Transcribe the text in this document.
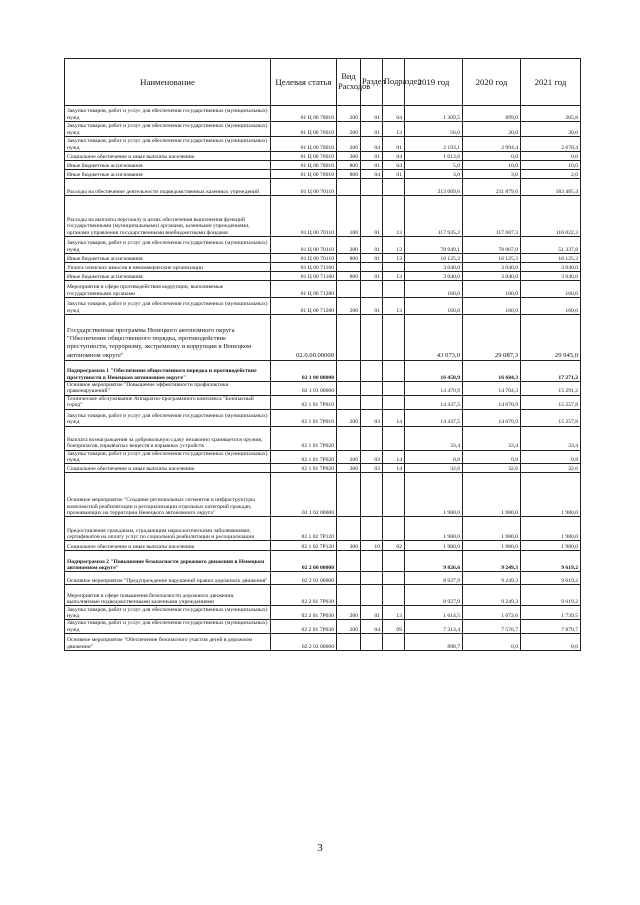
Наименование	Целевая статья	Вид Расходов	Раздел	Подраздел	2019 год	2020 год	2021 год
Закупка товаров, работ и услуг для обеспечения государственных (муниципальных) нужд	01 Ц 00 70010	200	01	04	1 309,5	899,0	205,8
Закупка товаров, работ и услуг для обеспечения государственных (муниципальных) нужд	01 Ц 00 70010	200	01	13	56,0	30,0	30,0
Закупка товаров, работ и услуг для обеспечения государственных (муниципальных) нужд	01 Ц 00 70010	200	04	01	2 193,1	2 994,4	2 678,4
Социальное обеспечение и иные выплаты населению	01 Ц 00 70010	300	01	04	1 013,6	0,0	0,0
Иные бюджетные ассигнования	01 Ц 00 70010	800	01	04	5,0	10,0	10,0
Иные бюджетные ассигнования	01 Ц 00 70010	800	04	01	3,0	3,0	2,0
Расходы на обеспечение деятельности подведомственных казенных учреждений	01 Ц 00 70110				213 009,6	211 879,6	183 485,4
Расходы на выплаты персоналу в целях обеспечения выполнения функций государственными (муниципальными) органами, казенными учреждениями, органами управления государственными внебюджетными фондами	01 Ц 00 70110	100	01	13	117 935,2	117 687,3	116 022,3
Закупка товаров, работ и услуг для обеспечения государственных (муниципальных) нужд	01 Ц 00 70110	200	01	13	78 949,1	78 067,0	51 337,8
Иные бюджетные ассигнования	01 Ц 00 70110	800	01	13	16 125,3	16 125,3	16 125,3
Уплата членских взносов в некоммерческие организации	01 Ц 00 71160				3 040,0	3 040,0	3 040,0
Иные бюджетные ассигнования	01 Ц 00 71160	800	01	13	3 040,0	3 040,0	3 040,0
Мероприятия в сфере противодействия коррупции, выполняемые государственными органами	01 Ц 00 71280				160,0	160,0	160,0
Закупка товаров, работ и услуг для обеспечения государственных (муниципальных) нужд	01 Ц 00 71280	200	01	13	160,0	160,0	160,0
Государственная программа Ненецкого автономного округа "Обеспечение общественного порядка, противодействие преступности, терроризму, экстремизму и коррупции в Ненецком автономном округе"	02.0.00.00000				43 073,0	29 087,3	29 945,0
Подпрограмма 1 "Обеспечение общественного порядка и противодействие преступности в Ненецком автономном округе"	02 1 00 00000				16 450,9	16 684,3	17 271,2
Основное мероприятие "Повышение эффективности профилактики правонарушений"	02 1 01 00000				14 470,9	14 704,3	15 291,2
Техническое обслуживание Аппаратно-программного комплекса "Безопасный город"	02 1 01 7Р010				14 437,5	14 670,9	15 257,8
Закупка товаров, работ и услуг для обеспечения государственных (муниципальных) нужд	02 1 01 7Р010	200	03	14	14 437,5	14 670,9	15 257,8
Выплата вознаграждения за добровольную сдачу незаконно хранящегося оружия, боеприпасов, взрывчатых веществ и взрывных устройств	02 1 01 7Р020				33,4	33,4	33,4
Закупка товаров, работ и услуг для обеспечения государственных (муниципальных) нужд	02 1 01 7Р020	200	03	14	0,8	0,8	0,8
Социальное обеспечение и иные выплаты населению	02 1 01 7Р020	300	03	14	32,6	32,6	32,6
Основное мероприятие "Создание региональных сегментов и инфраструктуры комплексной реабилитации и ресоциализации отдельных категорий граждан, проживающих на территории Ненецкого автономного округа"	02 1 02 00000				1 980,0	1 980,0	1 980,0
Предоставление гражданам, страдающим наркологическими заболеваниями, сертификатов на оплату услуг по социальной реабилитации и ресоциализации	02 1 02 7Р120				1 980,0	1 980,0	1 980,0
Социальное обеспечение и иные выплаты населению	02 1 02 7Р120	300	10	02	1 980,0	1 980,0	1 980,0
Подпрограмма 2 "Повышение безопасности дорожного движения в Ненецком автономном округе"	02 2 00 00000				9 826,6	9 249,3	9 619,2
Основное мероприятие "Предупреждение нарушений правил дорожного движения"	02 2 01 00000				8 927,9	9 249,3	9 619,2
Мероприятия в сфере повышения безопасности дорожного движения, выполняемые подведомственными казенными учреждениями	02 2 01 7Р030				8 927,9	9 249,3	9 619,2
Закупка товаров, работ и услуг для обеспечения государственных (муниципальных) нужд	02 2 01 7Р030	200	01	13	1 614,5	1 672,6	1 739,5
Закупка товаров, работ и услуг для обеспечения государственных (муниципальных) нужд	02 2 01 7Р030	200	04	09	7 313,4	7 576,7	7 879,7
Основное мероприятие "Обеспечение безопасного участия детей в дорожном движении"	02 2 02 00000				898,7	0,0	0,0
3
